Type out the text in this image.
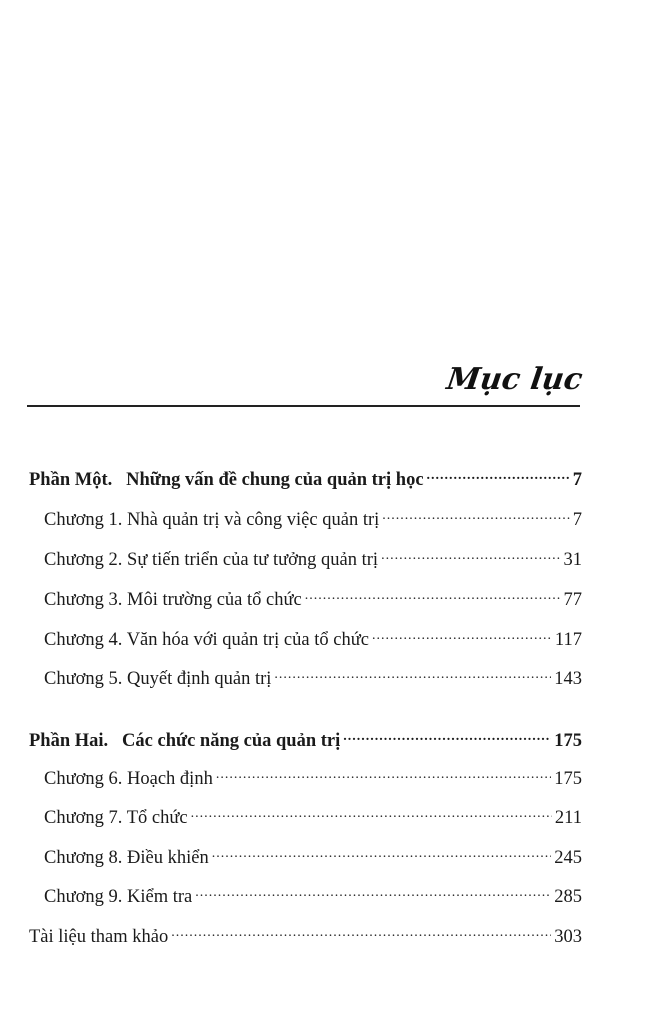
Mục lục
Phần Một. Những vấn đề chung của quản trị học .....	7
Chương 1. Nhà quản trị và công việc quản trị .....	7
Chương 2. Sự tiến triển của tư tưởng quản trị .....	31
Chương 3. Môi trường của tổ chức .....	77
Chương 4. Văn hóa với quản trị của tổ chức .....	117
Chương 5. Quyết định quản trị .....	143
Phần Hai. Các chức năng của quản trị .....	175
Chương 6. Hoạch định .....	175
Chương 7. Tổ chức .....	211
Chương 8. Điều khiển .....	245
Chương 9. Kiểm tra .....	285
Tài liệu tham khảo .....	303
